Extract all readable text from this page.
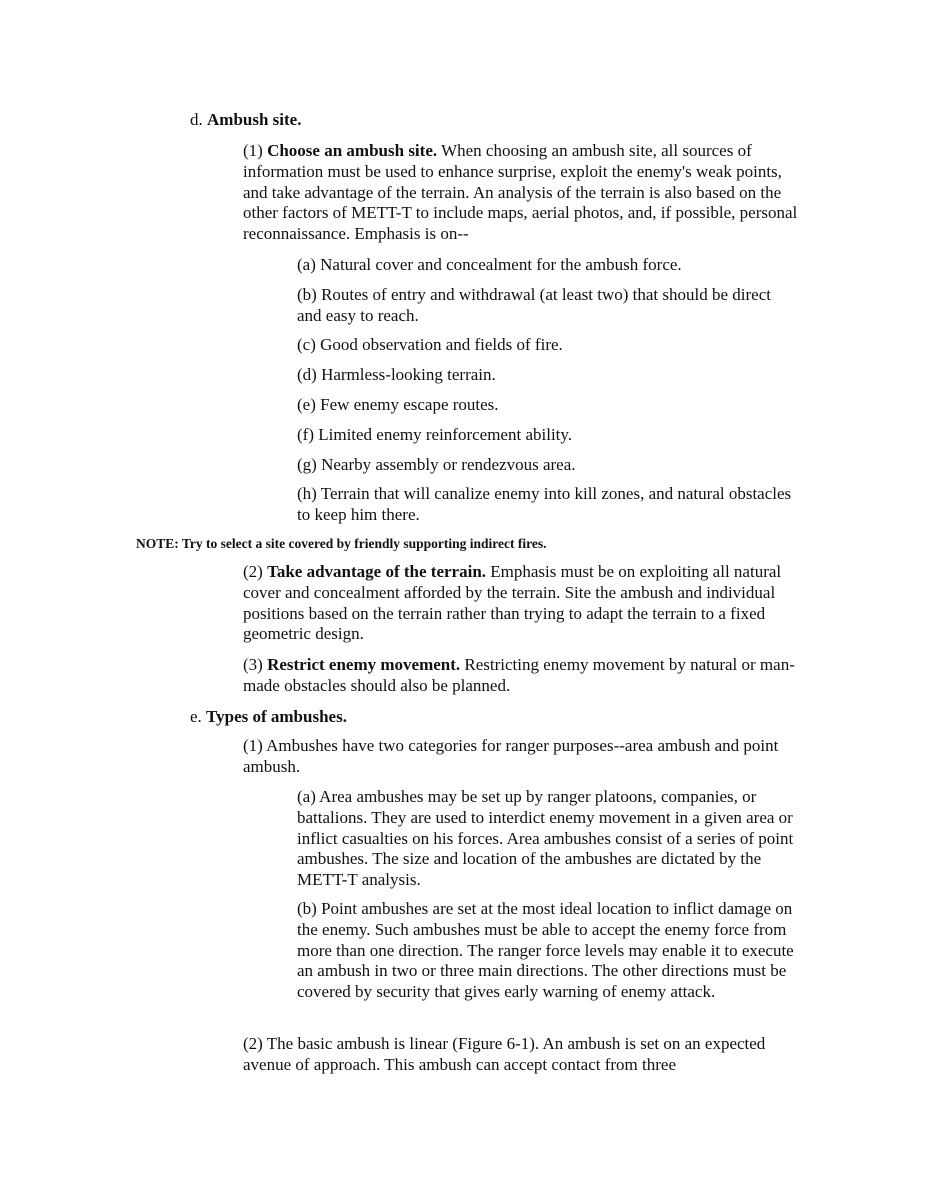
d. Ambush site.

(1) Choose an ambush site. When choosing an ambush site, all sources of information must be used to enhance surprise, exploit the enemy's weak points, and take advantage of the terrain. An analysis of the terrain is also based on the other factors of METT-T to include maps, aerial photos, and, if possible, personal reconnaissance. Emphasis is on--

(a) Natural cover and concealment for the ambush force.

(b) Routes of entry and withdrawal (at least two) that should be direct and easy to reach.

(c) Good observation and fields of fire.

(d) Harmless-looking terrain.

(e) Few enemy escape routes.

(f) Limited enemy reinforcement ability.

(g) Nearby assembly or rendezvous area.

(h) Terrain that will canalize enemy into kill zones, and natural obstacles to keep him there.

NOTE: Try to select a site covered by friendly supporting indirect fires.

(2) Take advantage of the terrain. Emphasis must be on exploiting all natural cover and concealment afforded by the terrain. Site the ambush and individual positions based on the terrain rather than trying to adapt the terrain to a fixed geometric design.

(3) Restrict enemy movement. Restricting enemy movement by natural or man-made obstacles should also be planned.

e. Types of ambushes.

(1) Ambushes have two categories for ranger purposes--area ambush and point ambush.

(a) Area ambushes may be set up by ranger platoons, companies, or battalions. They are used to interdict enemy movement in a given area or inflict casualties on his forces. Area ambushes consist of a series of point ambushes. The size and location of the ambushes are dictated by the METT-T analysis.

(b) Point ambushes are set at the most ideal location to inflict damage on the enemy. Such ambushes must be able to accept the enemy force from more than one direction. The ranger force levels may enable it to execute an ambush in two or three main directions. The other directions must be covered by security that gives early warning of enemy attack.

(2) The basic ambush is linear (Figure 6-1). An ambush is set on an expected avenue of approach. This ambush can accept contact from three
